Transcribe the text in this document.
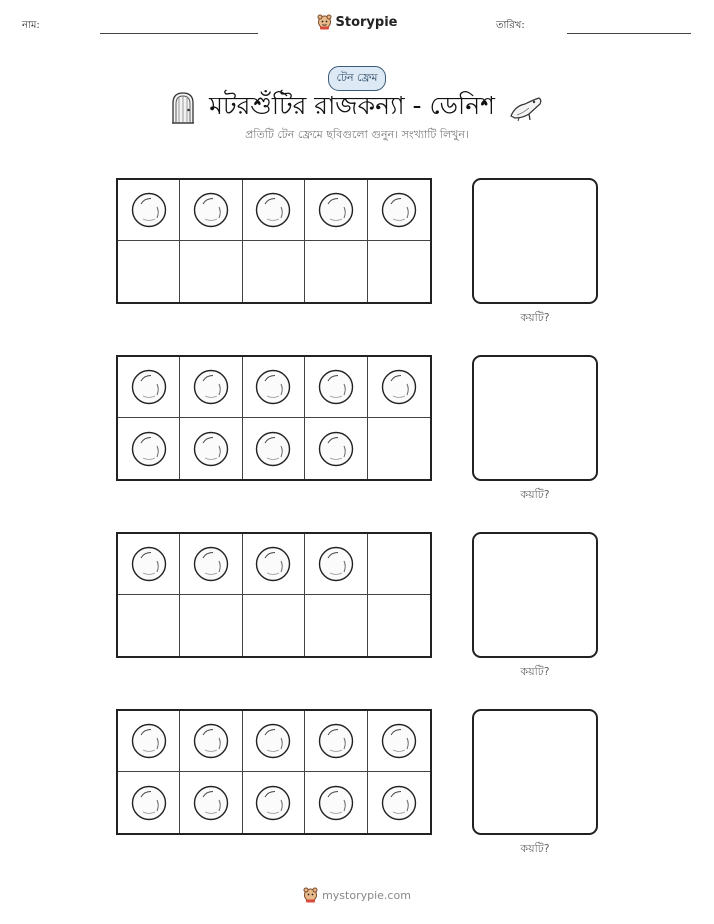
নাম:	Storypie	তারিখ:
টেন ফ্রেম
মটরশুঁটির রাজকন্যা - ডেনিশ
প্রতিটি টেন ফ্রেমে ছবিগুলো গুনুন। সংখ্যাটি লিখুন।
কয়টি?
কয়টি?
কয়টি?
কয়টি?
mystorypie.com
